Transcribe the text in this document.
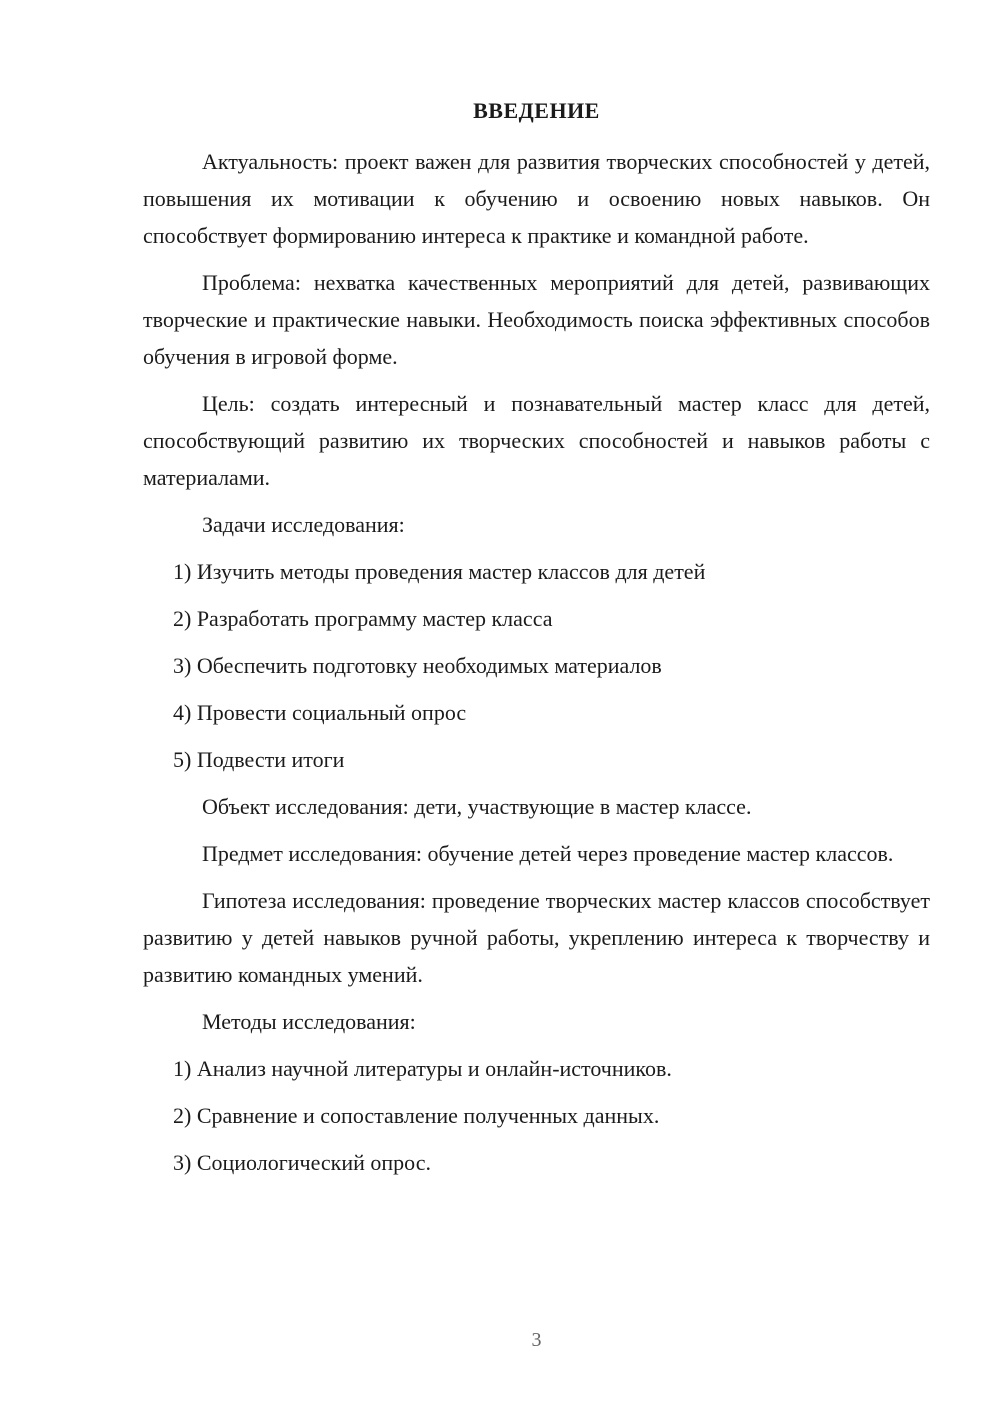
ВВЕДЕНИЕ

Актуальность: проект важен для развития творческих способностей у детей, повышения их мотивации к обучению и освоению новых навыков. Он способствует формированию интереса к практике и командной работе.

Проблема: нехватка качественных мероприятий для детей, развивающих творческие и практические навыки. Необходимость поиска эффективных способов обучения в игровой форме.

Цель: создать интересный и познавательный мастер класс для детей, способствующий развитию их творческих способностей и навыков работы с материалами.

Задачи исследования:

1) Изучить методы проведения мастер классов для детей

2) Разработать программу мастер класса

3) Обеспечить подготовку необходимых материалов

4) Провести социальный опрос

5) Подвести итоги

Объект исследования: дети, участвующие в мастер классе.

Предмет исследования: обучение детей через проведение мастер классов.

Гипотеза исследования: проведение творческих мастер классов способствует развитию у детей навыков ручной работы, укреплению интереса к творчеству и развитию командных умений.

Методы исследования:

1) Анализ научной литературы и онлайн-источников.

2) Сравнение и сопоставление полученных данных.

3) Социологический опрос.

3
